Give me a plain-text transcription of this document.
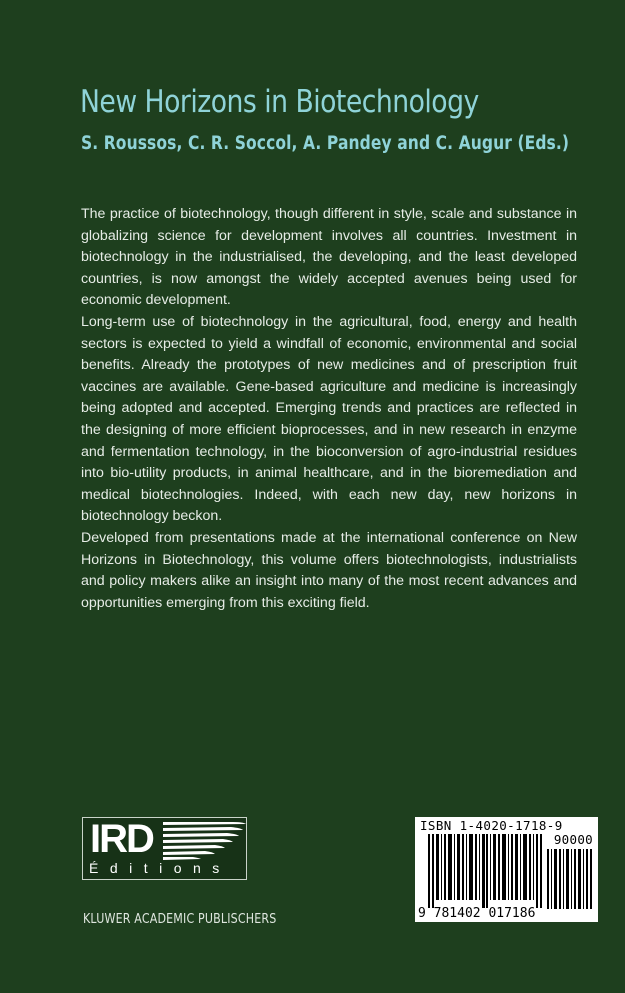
New Horizons in Biotechnology
S. Roussos, C. R. Soccol, A. Pandey and C. Augur (Eds.)

The practice of biotechnology, though different in style, scale and substance in globalizing science for development involves all countries. Investment in biotechnology in the industrialised, the developing, and the least developed countries, is now amongst the widely accepted avenues being used for economic development.

Long-term use of biotechnology in the agricultural, food, energy and health sectors is expected to yield a windfall of economic, environmental and social benefits. Already the prototypes of new medicines and of prescription fruit vaccines are available. Gene-based agriculture and medicine is increasingly being adopted and accepted. Emerging trends and practices are reflected in the designing of more efficient bioprocesses, and in new research in enzyme and fermentation technology, in the bioconversion of agro-industrial residues into bio-utility products, in animal healthcare, and in the bioremediation and medical biotechnologies. Indeed, with each new day, new horizons in biotechnology beckon.

Developed from presentations made at the international conference on New Horizons in Biotechnology, this volume offers biotechnologists, industrialists and policy makers alike an insight into many of the most recent advances and opportunities emerging from this exciting field.

IRD
Éditions
KLUWER ACADEMIC PUBLISCHERS
ISBN 1-4020-1718-9
90000
9 781402 017186
